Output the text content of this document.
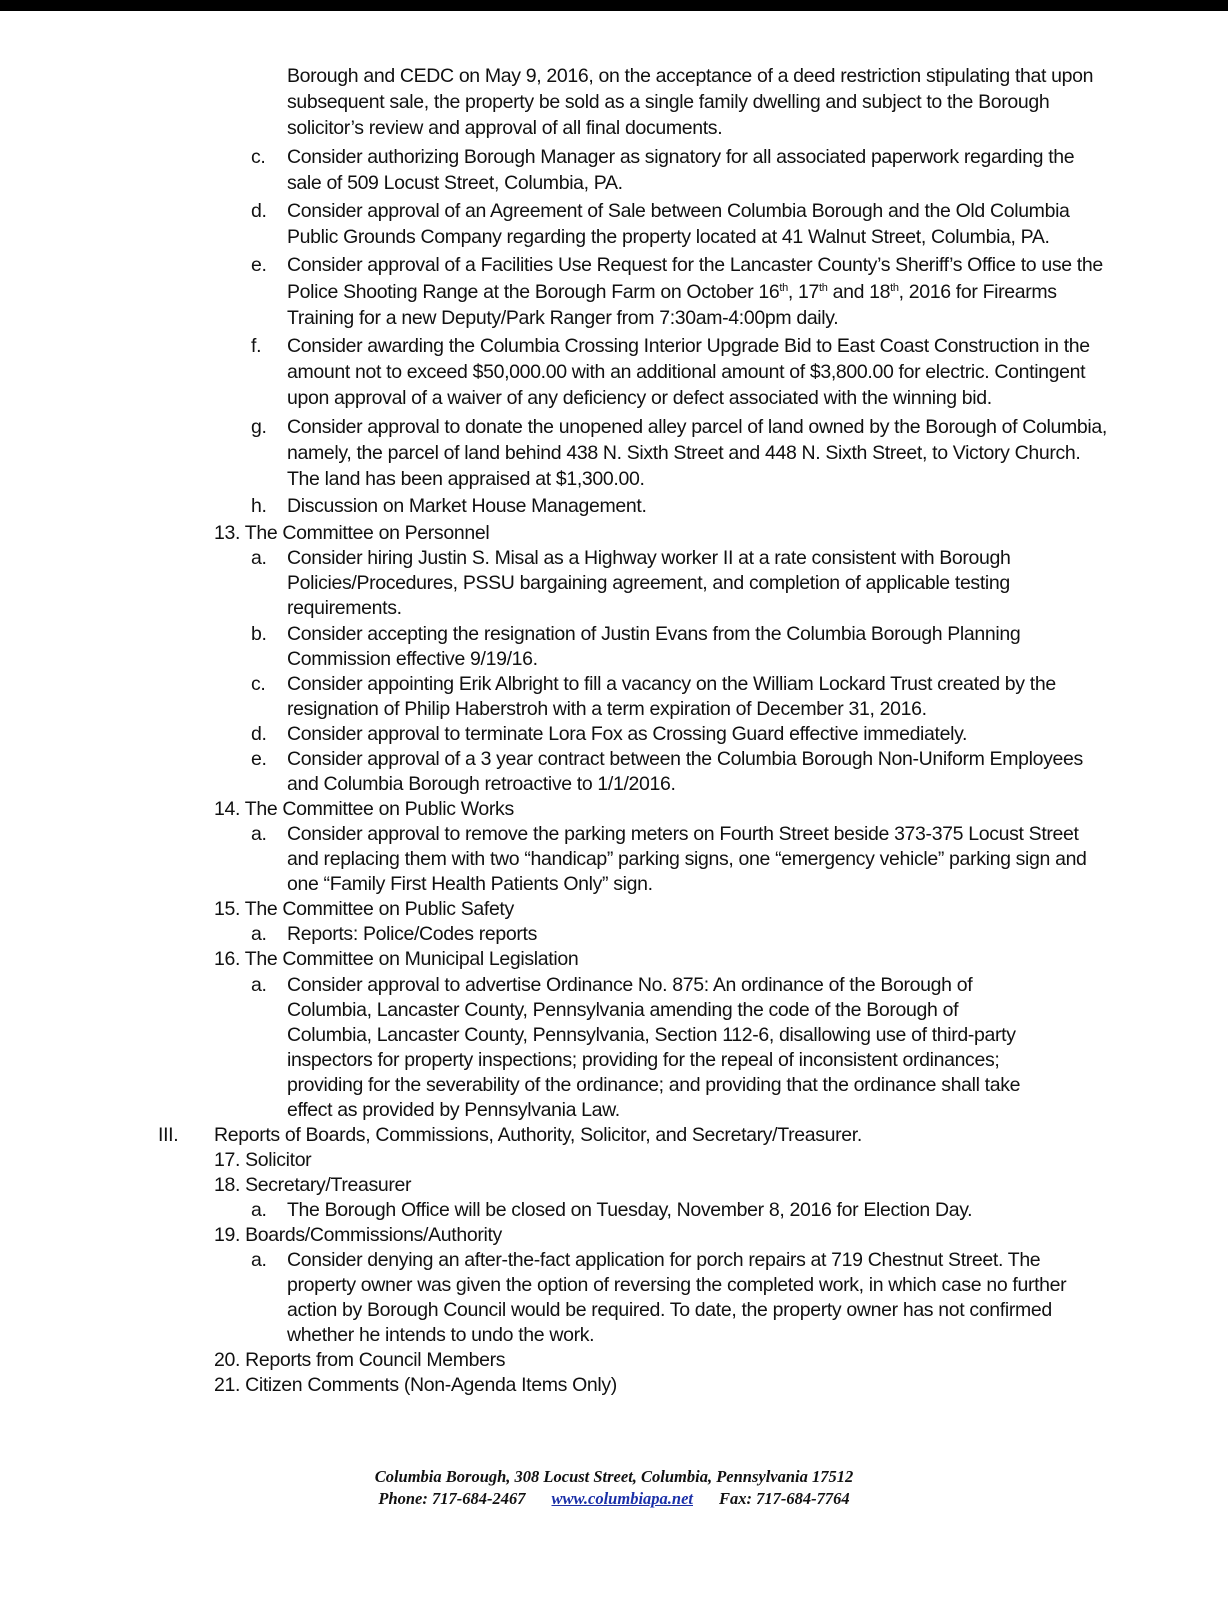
Borough and CEDC on May 9, 2016, on the acceptance of a deed restriction stipulating that upon
subsequent sale, the property be sold as a single family dwelling and subject to the Borough
solicitor’s review and approval of all final documents.
c. Consider authorizing Borough Manager as signatory for all associated paperwork regarding the
sale of 509 Locust Street, Columbia, PA.
d. Consider approval of an Agreement of Sale between Columbia Borough and the Old Columbia
Public Grounds Company regarding the property located at 41 Walnut Street, Columbia, PA.
e. Consider approval of a Facilities Use Request for the Lancaster County’s Sheriff’s Office to use the
Police Shooting Range at the Borough Farm on October 16th, 17th and 18th, 2016 for Firearms
Training for a new Deputy/Park Ranger from 7:30am-4:00pm daily.
f. Consider awarding the Columbia Crossing Interior Upgrade Bid to East Coast Construction in the
amount not to exceed $50,000.00 with an additional amount of $3,800.00 for electric. Contingent
upon approval of a waiver of any deficiency or defect associated with the winning bid.
g. Consider approval to donate the unopened alley parcel of land owned by the Borough of Columbia,
namely, the parcel of land behind 438 N. Sixth Street and 448 N. Sixth Street, to Victory Church.
The land has been appraised at $1,300.00.
h. Discussion on Market House Management.
13. The Committee on Personnel
a. Consider hiring Justin S. Misal as a Highway worker II at a rate consistent with Borough
Policies/Procedures, PSSU bargaining agreement, and completion of applicable testing
requirements.
b. Consider accepting the resignation of Justin Evans from the Columbia Borough Planning
Commission effective 9/19/16.
c. Consider appointing Erik Albright to fill a vacancy on the William Lockard Trust created by the
resignation of Philip Haberstroh with a term expiration of December 31, 2016.
d. Consider approval to terminate Lora Fox as Crossing Guard effective immediately.
e. Consider approval of a 3 year contract between the Columbia Borough Non-Uniform Employees
and Columbia Borough retroactive to 1/1/2016.
14. The Committee on Public Works
a. Consider approval to remove the parking meters on Fourth Street beside 373-375 Locust Street
and replacing them with two “handicap” parking signs, one “emergency vehicle” parking sign and
one “Family First Health Patients Only” sign.
15. The Committee on Public Safety
a. Reports: Police/Codes reports
16. The Committee on Municipal Legislation
a. Consider approval to advertise Ordinance No. 875: An ordinance of the Borough of
Columbia, Lancaster County, Pennsylvania amending the code of the Borough of
Columbia, Lancaster County, Pennsylvania, Section 112-6, disallowing use of third-party
inspectors for property inspections; providing for the repeal of inconsistent ordinances;
providing for the severability of the ordinance; and providing that the ordinance shall take
effect as provided by Pennsylvania Law.
III. Reports of Boards, Commissions, Authority, Solicitor, and Secretary/Treasurer.
17. Solicitor
18. Secretary/Treasurer
a. The Borough Office will be closed on Tuesday, November 8, 2016 for Election Day.
19. Boards/Commissions/Authority
a. Consider denying an after-the-fact application for porch repairs at 719 Chestnut Street. The
property owner was given the option of reversing the completed work, in which case no further
action by Borough Council would be required. To date, the property owner has not confirmed
whether he intends to undo the work.
20. Reports from Council Members
21. Citizen Comments (Non-Agenda Items Only)
Columbia Borough, 308 Locust Street, Columbia, Pennsylvania 17512
Phone: 717-684-2467 www.columbiapa.net Fax: 717-684-7764
